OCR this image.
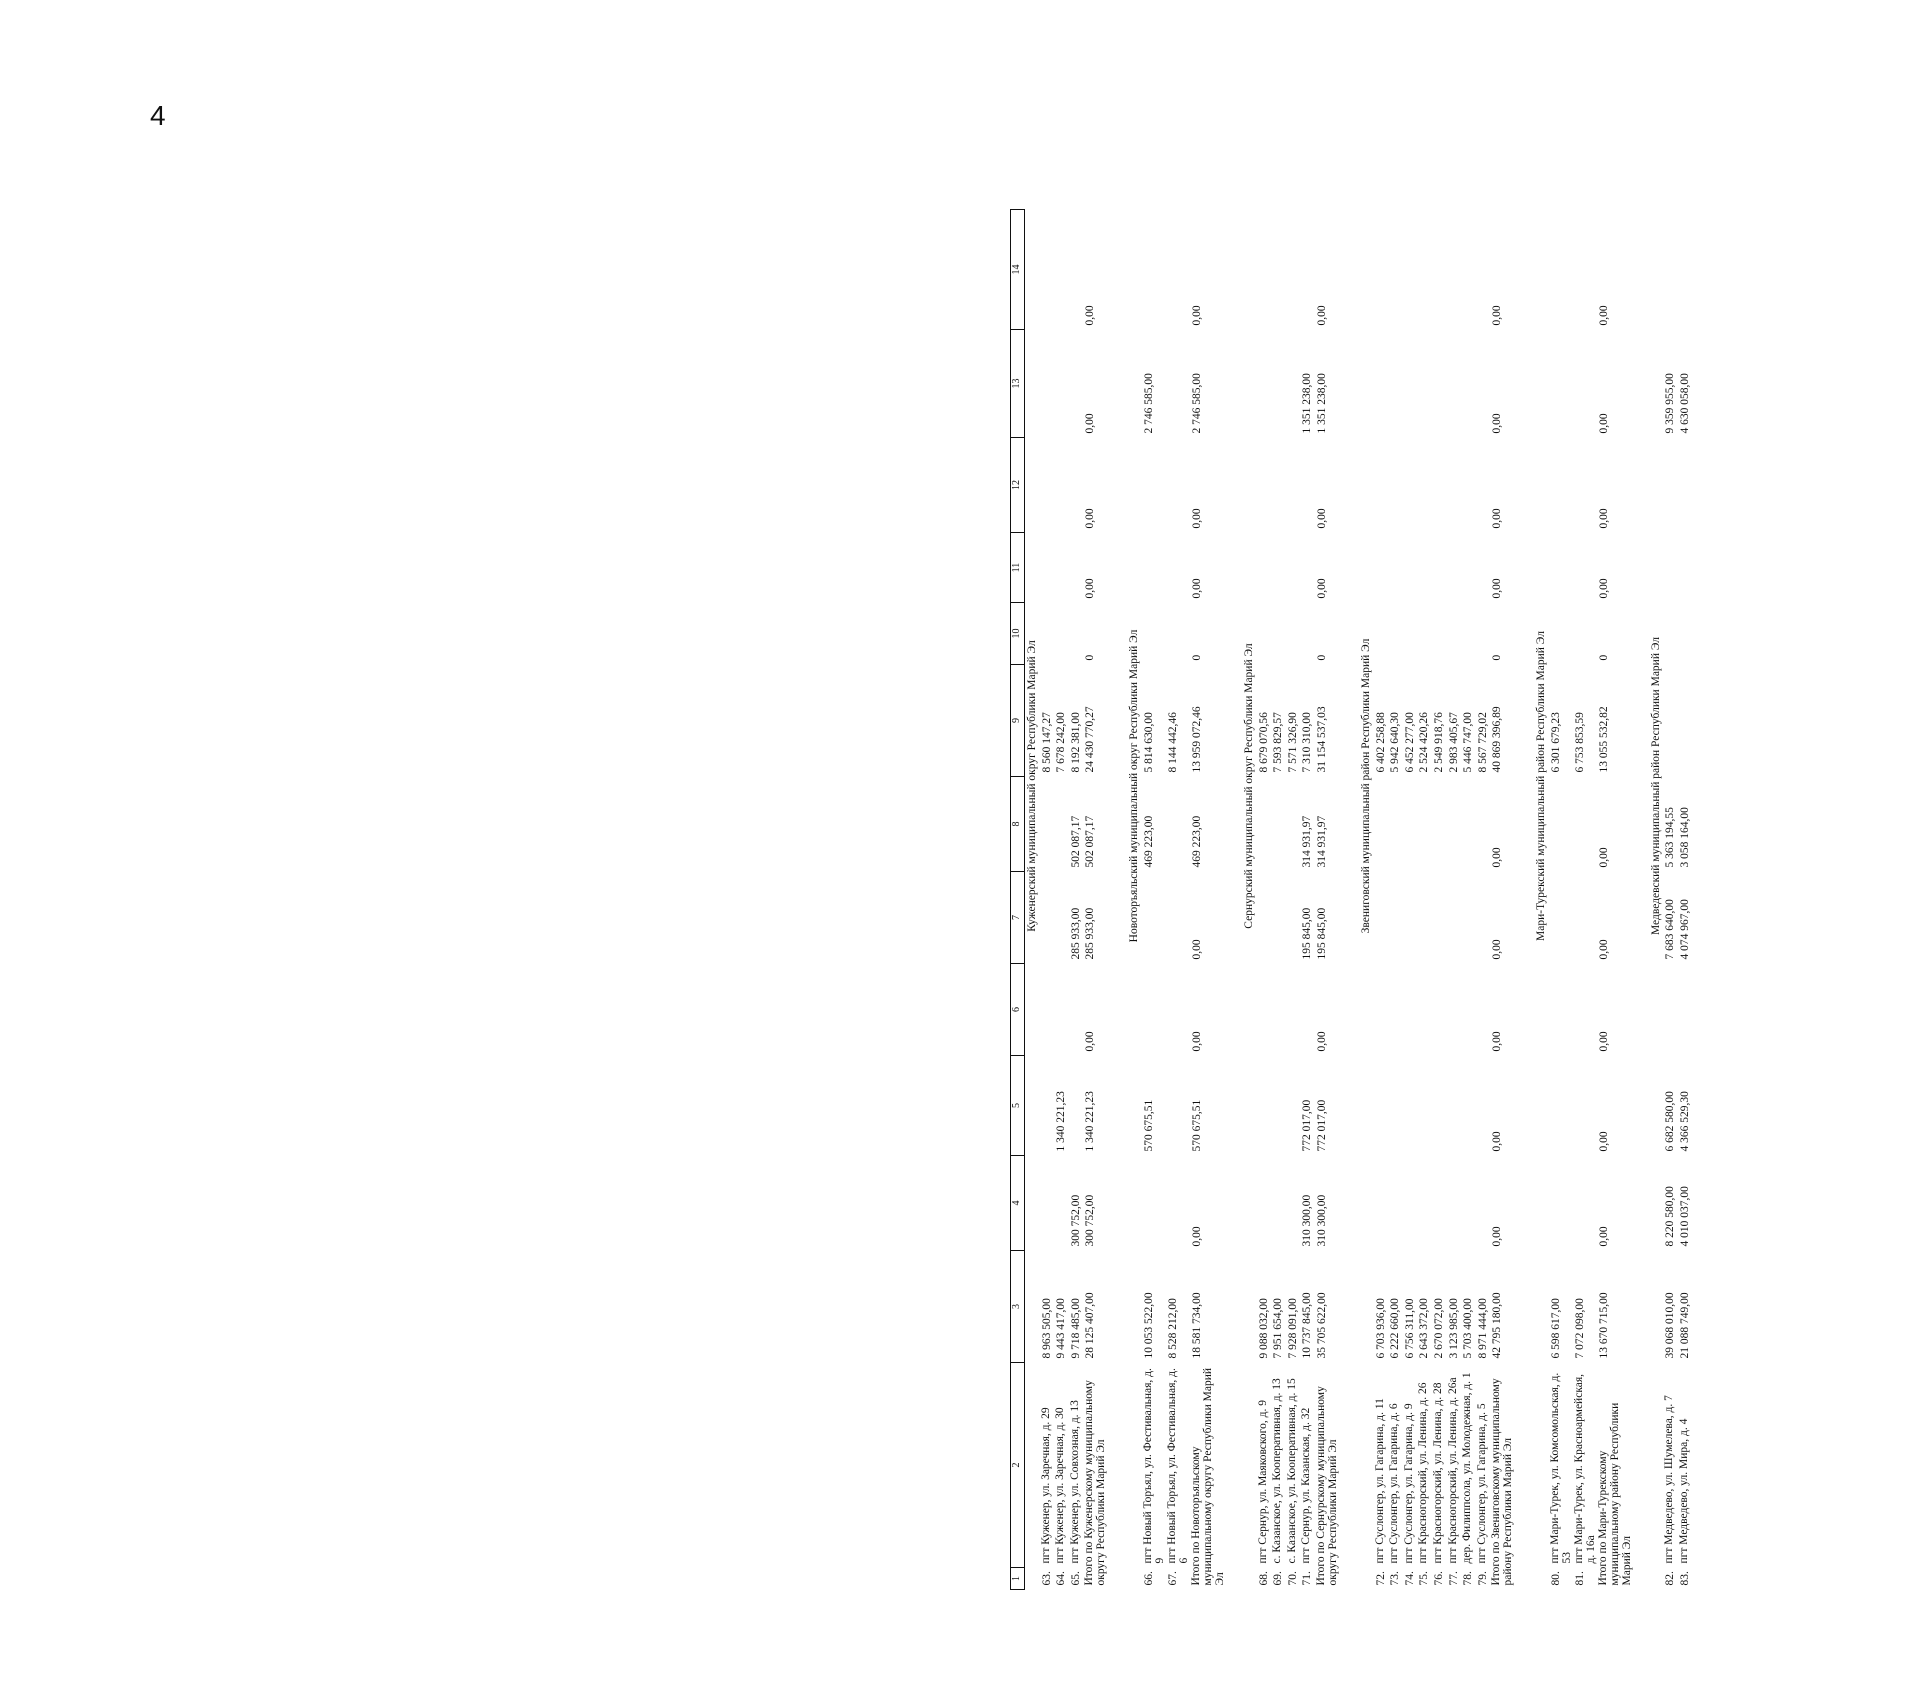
4
1	2	3	4	5	6	7	8	9	10	11	12	13	14
		Куженерский муниципальный округ Республики Марий Эл											
63.	пгт Куженер, ул. Заречная, д. 29	8 963 505,00						8 560 147,27					
64.	пгт Куженер, ул. Заречная, д. 30	9 443 417,00		1 340 221,23				7 678 242,00					
65.	пгт Куженер, ул. Совхозная, д. 13	9 718 485,00	300 752,00			285 933,00	502 087,17	8 192 381,00					
Итого по Куженерскому муниципальному округу Республики Марий Эл		28 125 407,00	300 752,00	1 340 221,23	0,00	285 933,00	502 087,17	24 430 770,27	0	0,00	0,00	0,00	0,00

		Новоторъяльский муниципальный округ Республики Марий Эл											
66.	пгт Новый Торъял, ул. Фестивальная, д. 9	10 053 522,00		570 675,51			469 223,00	5 814 630,00				2 746 585,00	
67.	пгт Новый Торъял, ул. Фестивальная, д. 6	8 528 212,00						8 144 442,46					
Итого по Новоторъяльскому муниципальному округу Республики Марий Эл		18 581 734,00	0,00	570 675,51	0,00	0,00	469 223,00	13 959 072,46	0	0,00	0,00	2 746 585,00	0,00

		Сернурский муниципальный округ Республики Марий Эл											
68.	пгт Сернур, ул. Маяковского, д. 9	9 088 032,00						8 679 070,56					
69.	с. Казанское, ул. Кооперативная, д. 13	7 951 654,00						7 593 829,57					
70.	с. Казанское, ул. Кооперативная, д. 15	7 928 091,00						7 571 326,90					
71.	пгт Сернур, ул. Казанская, д. 32	10 737 845,00	310 300,00	772 017,00		195 845,00	314 931,97	7 310 310,00				1 351 238,00	
Итого по Сернурскому муниципальному округу Республики Марий Эл		35 705 622,00	310 300,00	772 017,00	0,00	195 845,00	314 931,97	31 154 537,03	0	0,00	0,00	1 351 238,00	0,00

		Звениговский муниципальный район Республики Марий Эл											
72.	пгт Суслонгер, ул. Гагарина, д. 11	6 703 936,00						6 402 258,88					
73.	пгт Суслонгер, ул. Гагарина, д. 6	6 222 660,00						5 942 640,30					
74.	пгт Суслонгер, ул. Гагарина, д. 9	6 756 311,00						6 452 277,00					
75.	пгт Красногорский, ул. Ленина, д. 26	2 643 372,00						2 524 420,26					
76.	пгт Красногорский, ул. Ленина, д. 28	2 670 072,00						2 549 918,76					
77.	пгт Красногорский, ул. Ленина, д. 26а	3 123 985,00						2 983 405,67					
78.	дер. Филиппсола, ул. Молодежная, д. 1	5 703 400,00						5 446 747,00					
79.	пгт Суслонгер, ул. Гагарина, д. 5	8 971 444,00						8 567 729,02					
Итого по Звениговскому муниципальному району Республики Марий Эл		42 795 180,00	0,00	0,00	0,00	0,00	0,00	40 869 396,89	0	0,00	0,00	0,00	0,00

		Мари-Турекский муниципальный район Республики Марий Эл											
80.	пгт Мари-Турек, ул. Комсомольская, д. 53	6 598 617,00						6 301 679,23					
81.	пгт Мари-Турек, ул. Красноармейская, д. 16а	7 072 098,00						6 753 853,59					
Итого по Мари-Турекскому муниципальному району Республики Марий Эл		13 670 715,00	0,00	0,00	0,00	0,00	0,00	13 055 532,82	0	0,00	0,00	0,00	0,00

		Медведевский муниципальный район Республики Марий Эл											
82.	пгт Медведево, ул. Шумелева, д. 7	39 068 010,00	8 220 580,00	6 682 580,00		7 683 640,00	5 363 194,55					9 359 955,00	
83.	пгт Медведево, ул. Мира, д. 4	21 088 749,00	4 010 037,00	4 366 529,30		4 074 967,00	3 058 164,00					4 630 058,00	
